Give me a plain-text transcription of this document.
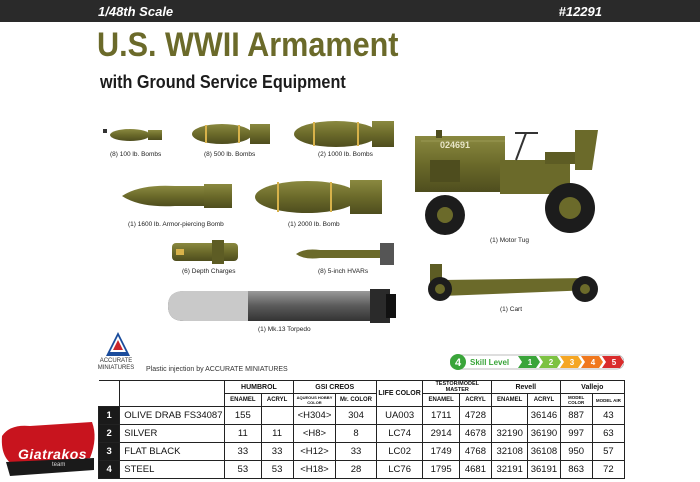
1/48th Scale	#12291
U.S. WWII Armament
with Ground Service Equipment
(8) 100 lb. Bombs	(8) 500 lb. Bombs	(2) 1000 lb. Bombs
(1) 1600 lb. Armor-piercing Bomb	(1) 2000 lb. Bomb
(6) Depth Charges	(8) 5-inch HVARs
(1) Mk.13 Torpedo
(1) Motor Tug
(1) Cart
024691
ACCURATE
MINIATURES Plastic injection by ACCURATE MINIATURES
4 Skill Level 1 2 3 4 5
		HUMBROL		GSI CREOS		LIFE COLOR	TESTOR/MODEL MASTER		Revell		Vallejo	
		ENAMEL	ACRYL	AQUEOUS HOBBY COLOR	Mr. COLOR		ENAMEL	ACRYL	ENAMEL	ACRYL	MODEL COLOR	MODEL AIR
1	OLIVE DRAB FS34087	155		<H304>	304	UA003	1711	4728		36146	887	43
2	SILVER	11	11	<H8>	8	LC74	2914	4678	32190	36190	997	63
3	FLAT BLACK	33	33	<H12>	33	LC02	1749	4768	32108	36108	950	57
4	STEEL	53	53	<H18>	28	LC76	1795	4681	32191	36191	863	72
Giatrakos
team
